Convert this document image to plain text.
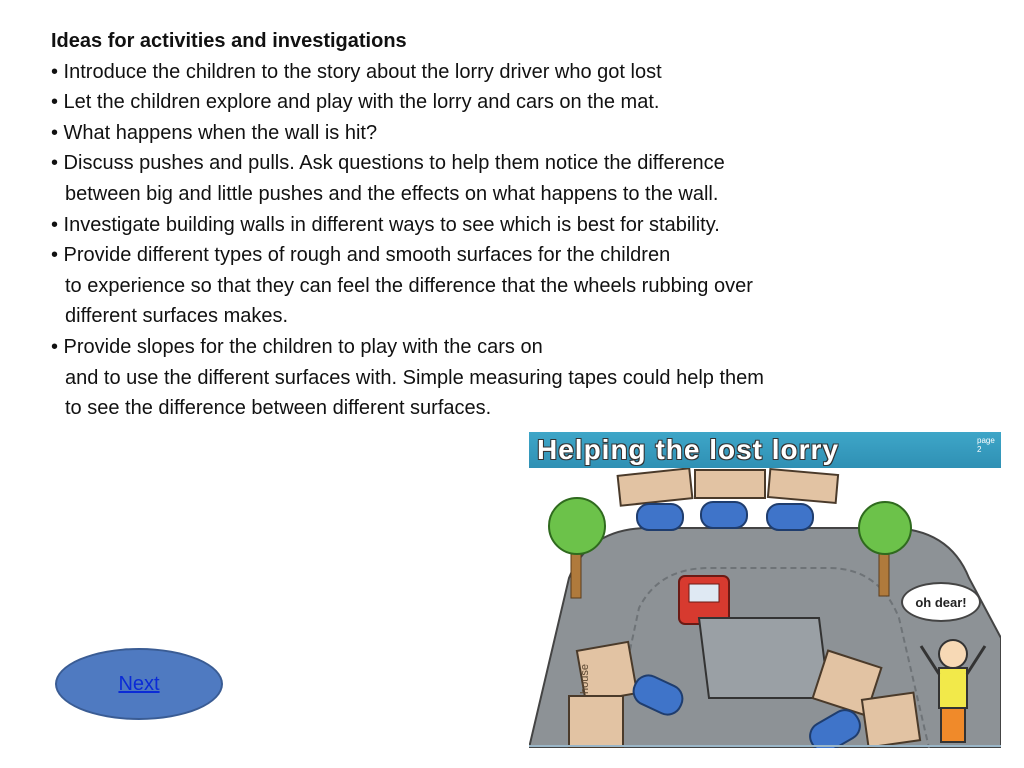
Ideas for activities and investigations

• Introduce the children to the story about the lorry driver who got lost

• Let the children explore and play with the lorry and cars on the mat.

• What happens when the wall is hit?

• Discuss pushes and pulls. Ask questions to help them notice the difference

between big and little pushes and the effects on what happens to the wall.

• Investigate building walls in different ways to see which is best for stability.

• Provide different types of rough and smooth surfaces for the children

to experience so that they can feel the difference that the wheels rubbing over

different surfaces makes.

• Provide slopes for the children to play with the cars on

and to use the different surfaces with. Simple measuring tapes could help them

to see the difference between different surfaces.

Next
Helping the lost lorry	page 2
oh dear!
house
